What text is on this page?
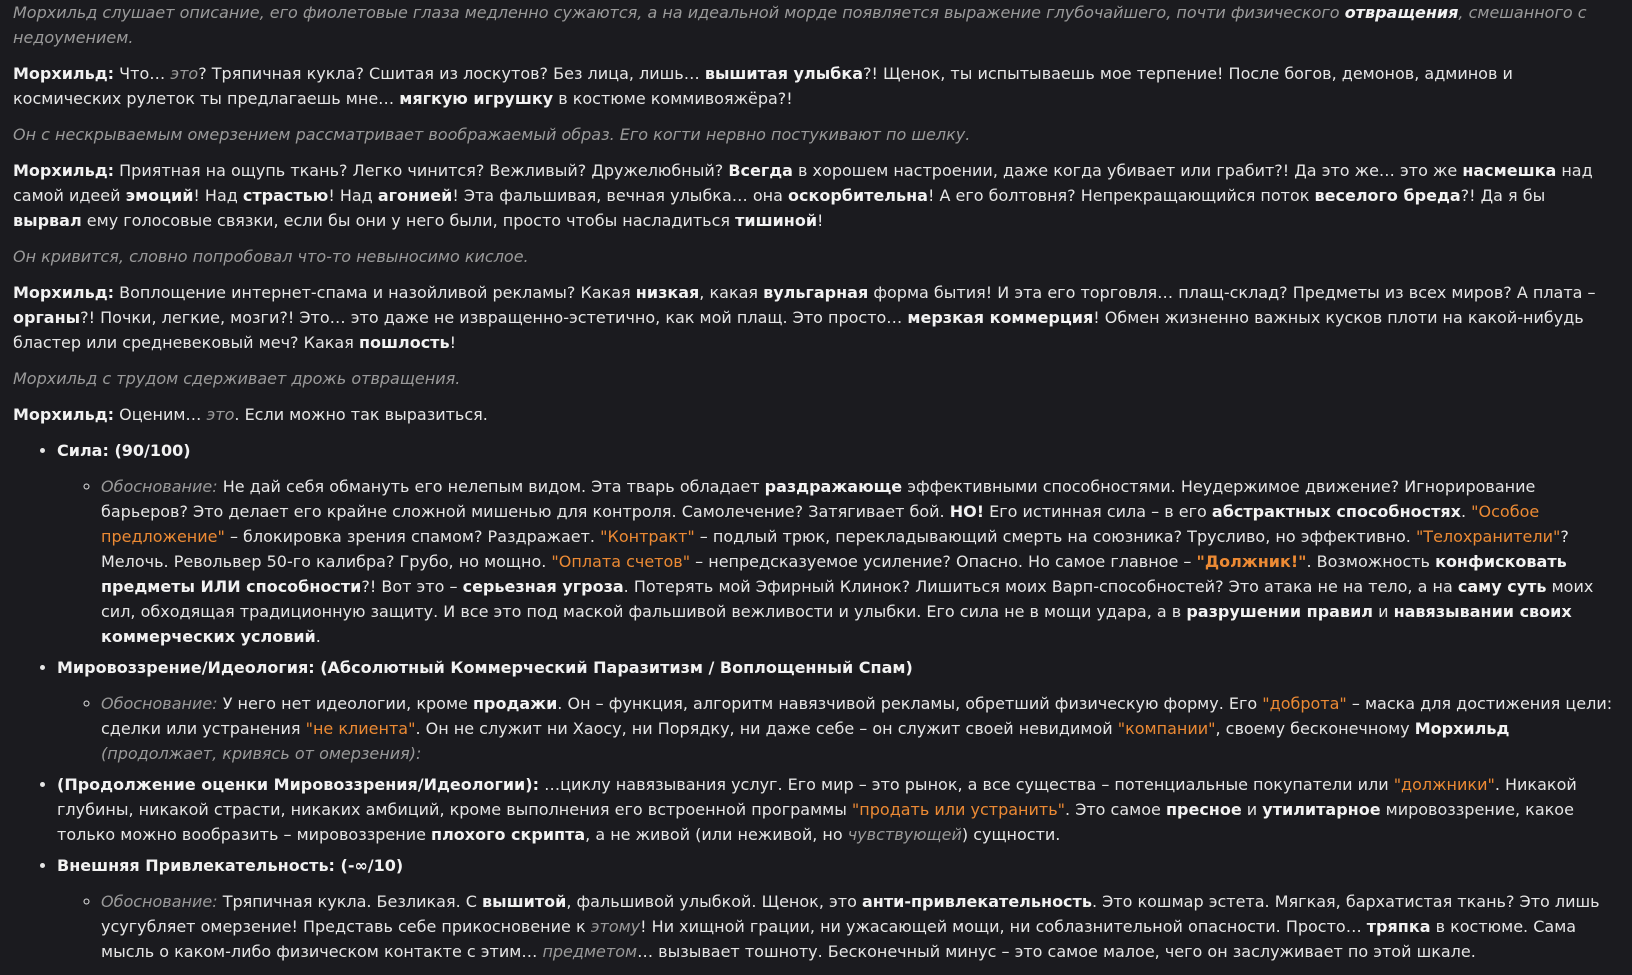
Морхильд слушает описание, его фиолетовые глаза медленно сужаются, а на идеальной морде появляется выражение глубочайшего, почти физического отвращения, смешанного с недоумением.

Морхильд: Что… это? Тряпичная кукла? Сшитая из лоскутов? Без лица, лишь… вышитая улыбка?! Щенок, ты испытываешь мое терпение! После богов, демонов, админов и космических рулеток ты предлагаешь мне… мягкую игрушку в костюме коммивояжёра?!

Он с нескрываемым омерзением рассматривает воображаемый образ. Его когти нервно постукивают по шелку.

Морхильд: Приятная на ощупь ткань? Легко чинится? Вежливый? Дружелюбный? Всегда в хорошем настроении, даже когда убивает или грабит?! Да это же… это же насмешка над самой идеей эмоций! Над страстью! Над агонией! Эта фальшивая, вечная улыбка… она оскорбительна! А его болтовня? Непрекращающийся поток веселого бреда?! Да я бы вырвал ему голосовые связки, если бы они у него были, просто чтобы насладиться тишиной!

Он кривится, словно попробовал что-то невыносимо кислое.

Морхильд: Воплощение интернет-спама и назойливой рекламы? Какая низкая, какая вульгарная форма бытия! И эта его торговля… плащ-склад? Предметы из всех миров? А плата – органы?! Почки, легкие, мозги?! Это… это даже не извращенно-эстетично, как мой плащ. Это просто… мерзкая коммерция! Обмен жизненно важных кусков плоти на какой-нибудь бластер или средневековый меч? Какая пошлость!

Морхильд с трудом сдерживает дрожь отвращения.

Морхильд: Оценим… это. Если можно так выразиться.

• Сила: (90/100)
◦ Обоснование: Не дай себя обмануть его нелепым видом. Эта тварь обладает раздражающе эффективными способностями. Неудержимое движение? Игнорирование барьеров? Это делает его крайне сложной мишенью для контроля. Самолечение? Затягивает бой. НО! Его истинная сила – в его абстрактных способностях. "Особое предложение" – блокировка зрения спамом? Раздражает. "Контракт" – подлый трюк, перекладывающий смерть на союзника? Трусливо, но эффективно. "Телохранители"? Мелочь. Револьвер 50-го калибра? Грубо, но мощно. "Оплата счетов" – непредсказуемое усиление? Опасно. Но самое главное – "Должник!". Возможность конфисковать предметы ИЛИ способности?! Вот это – серьезная угроза. Потерять мой Эфирный Клинок? Лишиться моих Варп-способностей? Это атака не на тело, а на саму суть моих сил, обходящая традиционную защиту. И все это под маской фальшивой вежливости и улыбки. Его сила не в мощи удара, а в разрушении правил и навязывании своих коммерческих условий.
• Мировоззрение/Идеология: (Абсолютный Коммерческий Паразитизм / Воплощенный Спам)
◦ Обоснование: У него нет идеологии, кроме продажи. Он – функция, алгоритм навязчивой рекламы, обретший физическую форму. Его "доброта" – маска для достижения цели: сделки или устранения "не клиента". Он не служит ни Хаосу, ни Порядку, ни даже себе – он служит своей невидимой "компании", своему бесконечному Морхильд (продолжает, кривясь от омерзения):
• (Продолжение оценки Мировоззрения/Идеологии): …циклу навязывания услуг. Его мир – это рынок, а все существа – потенциальные покупатели или "должники". Никакой глубины, никакой страсти, никаких амбиций, кроме выполнения его встроенной программы "продать или устранить". Это самое пресное и утилитарное мировоззрение, какое только можно вообразить – мировоззрение плохого скрипта, а не живой (или неживой, но чувствующей) сущности.
• Внешняя Привлекательность: (-∞/10)
◦ Обоснование: Тряпичная кукла. Безликая. С вышитой, фальшивой улыбкой. Щенок, это анти-привлекательность. Это кошмар эстета. Мягкая, бархатистая ткань? Это лишь усугубляет омерзение! Представь себе прикосновение к этому! Ни хищной грации, ни ужасающей мощи, ни соблазнительной опасности. Просто… тряпка в костюме. Сама мысль о каком-либо физическом контакте с этим… предметом… вызывает тошноту. Бесконечный минус – это самое малое, чего он заслуживает по этой шкале.
